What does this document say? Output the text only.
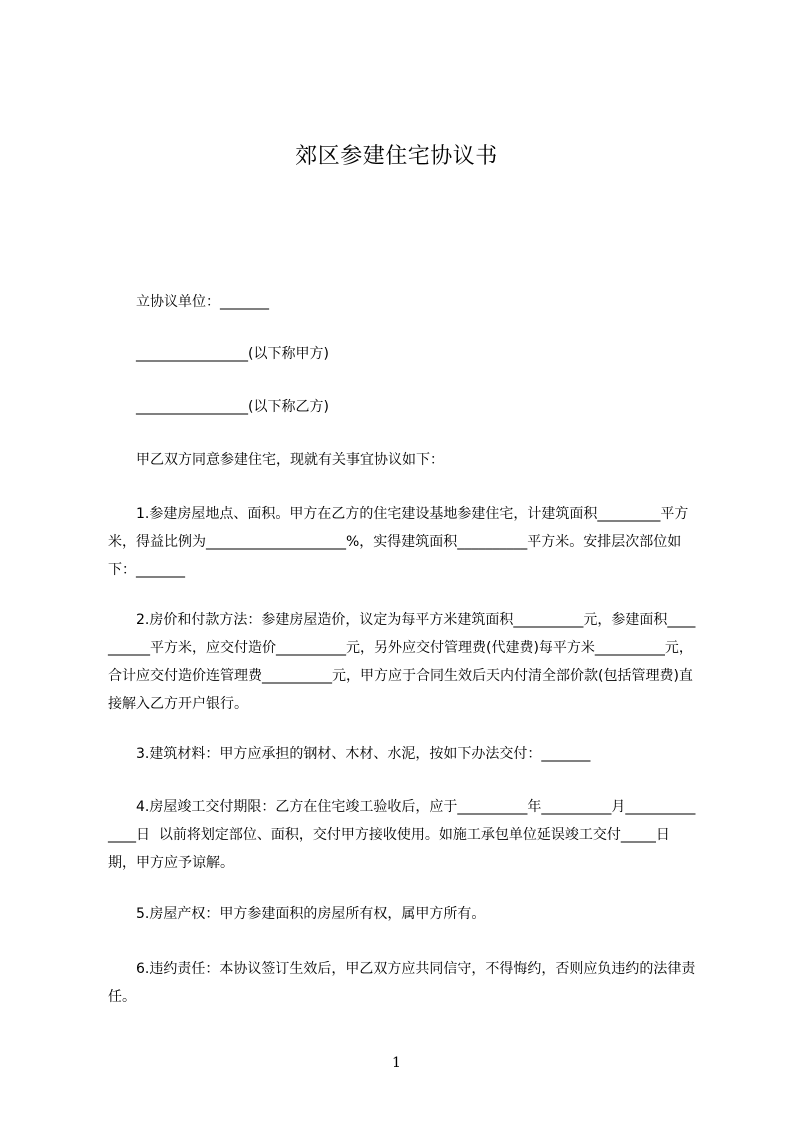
郊区参建住宅协议书
立协议单位：_______
________________(以下称甲方)
________________(以下称乙方)
甲乙双方同意参建住宅，现就有关事宜协议如下：
1.参建房屋地点、面积。甲方在乙方的住宅建设基地参建住宅，计建筑面积_________平方米，得益比例为____________________%，实得建筑面积__________平方米。安排层次部位如下：_______
2.房价和付款方法：参建房屋造价，议定为每平方米建筑面积__________元，参建面积__________平方米，应交付造价__________元，另外应交付管理费(代建费)每平方米__________元，合计应交付造价连管理费__________元，甲方应于合同生效后天内付清全部价款(包括管理费)直接解入乙方开户银行。
3.建筑材料：甲方应承担的钢材、木材、水泥，按如下办法交付：_______
4.房屋竣工交付期限：乙方在住宅竣工验收后，应于__________年__________月______________日  以前将划定部位、面积，交付甲方接收使用。如施工承包单位延误竣工交付_____日 期，甲方应予谅解。
5.房屋产权：甲方参建面积的房屋所有权，属甲方所有。
6.违约责任：本协议签订生效后，甲乙双方应共同信守，不得悔约，否则应负违约的法律责任。
1
